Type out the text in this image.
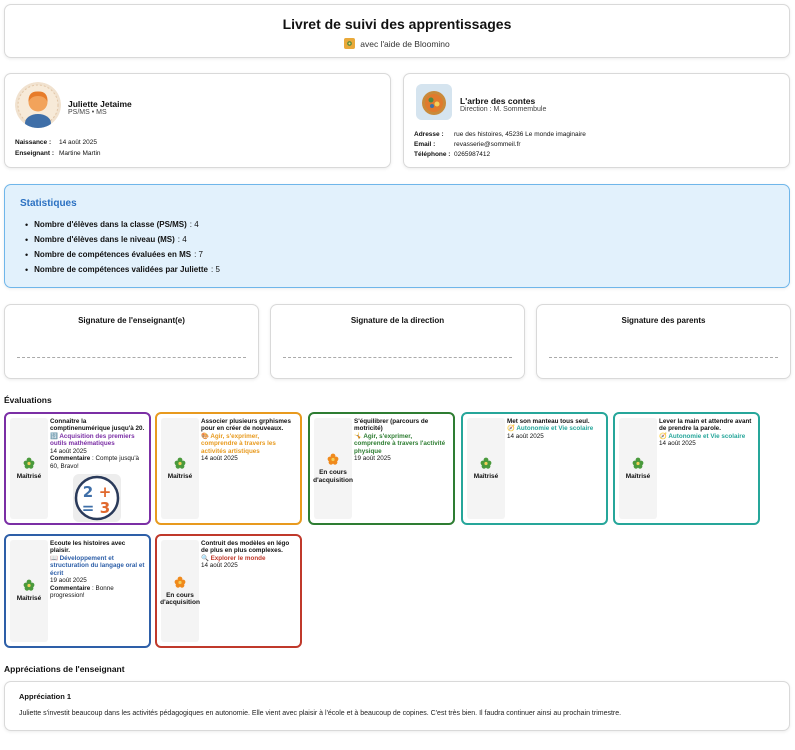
Livret de suivi des apprentissages
avec l'aide de Bloomino
Juliette Jetaime
PS/MS • MS
Naissance :	14 août 2025
Enseignant : Martine Martin
L'arbre des contes
Direction : M. Sommembule
Adresse :	rue des histoires, 45236 Le monde imaginaire
Email :	revasserie@sommeil.fr
Téléphone : 0265987412
Statistiques
• Nombre d'élèves dans la classe (PS/MS) : 4
• Nombre d'élèves dans le niveau (MS) : 4
• Nombre de compétences évaluées en MS : 7
• Nombre de compétences validées par Juliette : 5
Signature de l'enseignant(e)	Signature de la direction	Signature des parents
Évaluations
Maîtrisé
Connaître la comptinenumérique jusqu'à 20.
🔢 Acquisition des premiers outils mathématiques
14 août 2025
Commentaire : Compte jusqu'à 60, Bravo!
2 +
= 3
Maîtrisé
Associer plusieurs grphismes pour en créer de nouveaux.
🎨 Agir, s'exprimer, comprendre à travers les activités artistiques
14 août 2025
En cours d'acquisition
S'équilibrer (parcours de motricité)
🤸 Agir, s'exprimer, comprendre à travers l'activité physique
19 août 2025
Maîtrisé
Met son manteau tous seul.
🧭 Autonomie et Vie scolaire
14 août 2025
Maîtrisé
Lever la main et attendre avant de prendre la parole.
🧭 Autonomie et Vie scolaire
14 août 2025
Maîtrisé
Ecoute les histoires avec plaisir.
📖 Développement et structuration du langage oral et écrit
19 août 2025
Commentaire : Bonne progression!	En cours d'acquisition
Contruit des modèles en légo de plus en plus complexes.
🔍 Explorer le monde
14 août 2025
Appréciations de l'enseignant
Appréciation 1
Juliette s'investit beaucoup dans les activités pédagogiques en autonomie. Elle vient avec plaisir à l'école et à beaucoup de copines. C'est très bien. Il faudra continuer ainsi au prochain trimestre.
